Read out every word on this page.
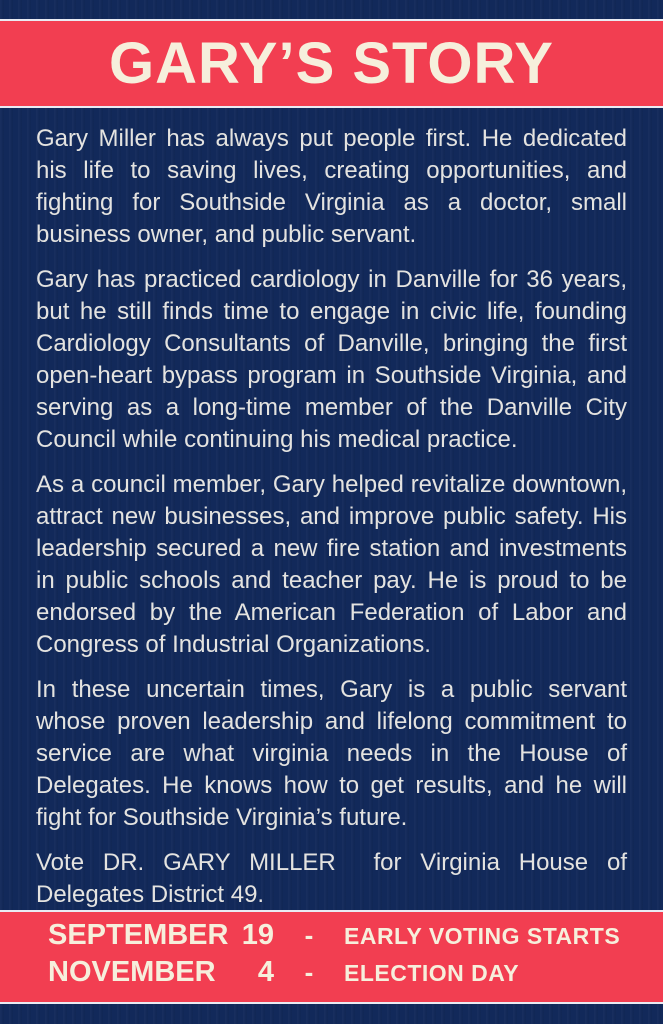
GARY’S STORY

Gary Miller has always put people first. He dedicated his life to saving lives, creating opportunities, and fighting for Southside Virginia as a doctor, small business owner, and public servant.

Gary has practiced cardiology in Danville for 36 years, but he still finds time to engage in civic life, founding Cardiology Consultants of Danville, bringing the first open-heart bypass program in Southside Virginia, and serving as a long-time member of the Danville City Council while continuing his medical practice.

As a council member, Gary helped revitalize downtown, attract new businesses, and improve public safety. His leadership secured a new fire station and investments in public schools and teacher pay. He is proud to be endorsed by the American Federation of Labor and Congress of Industrial Organizations.

In these uncertain times, Gary is a public servant whose proven leadership and lifelong commitment to service are what virginia needs in the House of Delegates. He knows how to get results, and he will fight for Southside Virginia’s future.

Vote DR. GARY MILLER  for Virginia House of Delegates District 49.

SEPTEMBER 19	-	EARLY VOTING STARTS
NOVEMBER 4	-	ELECTION DAY
